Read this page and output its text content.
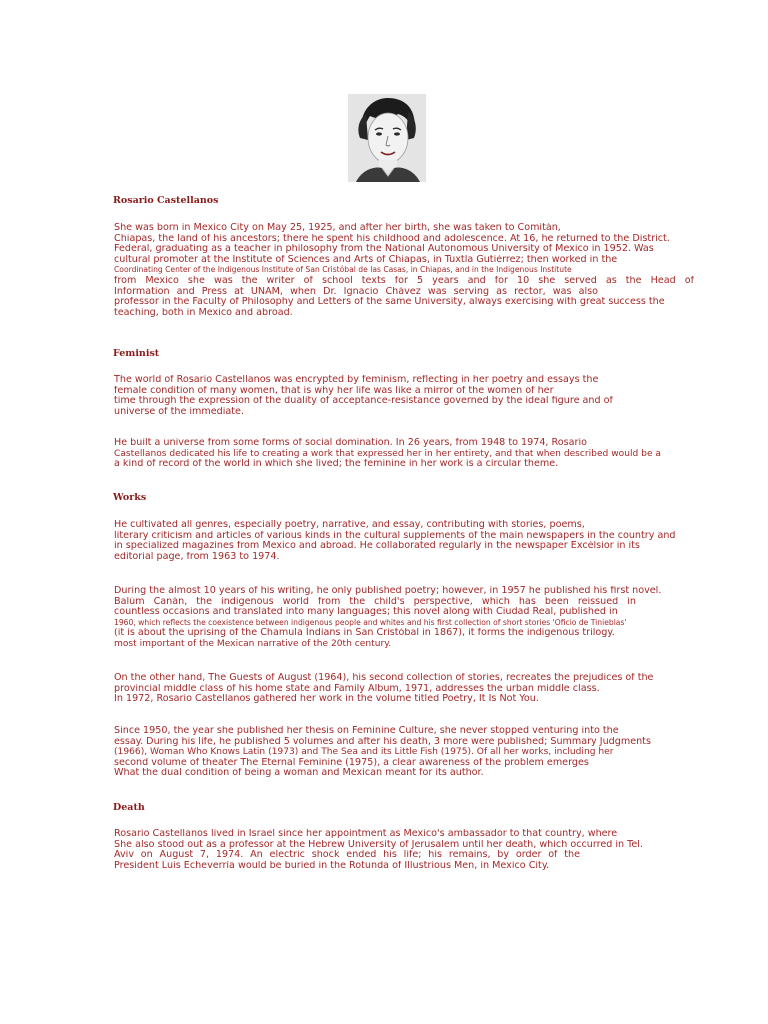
Rosario Castellanos
She was born in Mexico City on May 25, 1925, and after her birth, she was taken to Comitán,
Chiapas, the land of his ancestors; there he spent his childhood and adolescence. At 16, he returned to the District.
Federal, graduating as a teacher in philosophy from the National Autonomous University of Mexico in 1952. Was
cultural promoter at the Institute of Sciences and Arts of Chiapas, in Tuxtla Gutiérrez; then worked in the
Coordinating Center of the Indigenous Institute of San Cristóbal de las Casas, in Chiapas, and in the Indigenous Institute
from Mexico she was the writer of school texts for 5 years and for 10 she served as the Head of
Information and Press at UNAM, when Dr. Ignacio Chávez was serving as rector, was also
professor in the Faculty of Philosophy and Letters of the same University, always exercising with great success the
teaching, both in Mexico and abroad.
Feminist
The world of Rosario Castellanos was encrypted by feminism, reflecting in her poetry and essays the
female condition of many women, that is why her life was like a mirror of the women of her
time through the expression of the duality of acceptance-resistance governed by the ideal figure and of
universe of the immediate.
He built a universe from some forms of social domination. In 26 years, from 1948 to 1974, Rosario
Castellanos dedicated his life to creating a work that expressed her in her entirety, and that when described would be a
a kind of record of the world in which she lived; the feminine in her work is a circular theme.
Works
He cultivated all genres, especially poetry, narrative, and essay, contributing with stories, poems,
literary criticism and articles of various kinds in the cultural supplements of the main newspapers in the country and
in specialized magazines from Mexico and abroad. He collaborated regularly in the newspaper Excélsior in its
editorial page, from 1963 to 1974.
During the almost 10 years of his writing, he only published poetry; however, in 1957 he published his first novel.
Balúm Canán, the indigenous world from the child's perspective, which has been reissued in
countless occasions and translated into many languages; this novel along with Ciudad Real, published in
1960, which reflects the coexistence between indigenous people and whites and his first collection of short stories 'Oficio de Tinieblas'
(it is about the uprising of the Chamula Indians in San Cristóbal in 1867), it forms the indigenous trilogy.
most important of the Mexican narrative of the 20th century.
On the other hand, The Guests of August (1964), his second collection of stories, recreates the prejudices of the
provincial middle class of his home state and Family Album, 1971, addresses the urban middle class.
In 1972, Rosario Castellanos gathered her work in the volume titled Poetry, It Is Not You.
Since 1950, the year she published her thesis on Feminine Culture, she never stopped venturing into the
essay. During his life, he published 5 volumes and after his death, 3 more were published; Summary Judgments
(1966), Woman Who Knows Latin (1973) and The Sea and its Little Fish (1975). Of all her works, including her
second volume of theater The Eternal Feminine (1975), a clear awareness of the problem emerges
What the dual condition of being a woman and Mexican meant for its author.
Death
Rosario Castellanos lived in Israel since her appointment as Mexico's ambassador to that country, where
She also stood out as a professor at the Hebrew University of Jerusalem until her death, which occurred in Tel.
Aviv on August 7, 1974. An electric shock ended his life; his remains, by order of the
President Luis Echeverría would be buried in the Rotunda of Illustrious Men, in Mexico City.
